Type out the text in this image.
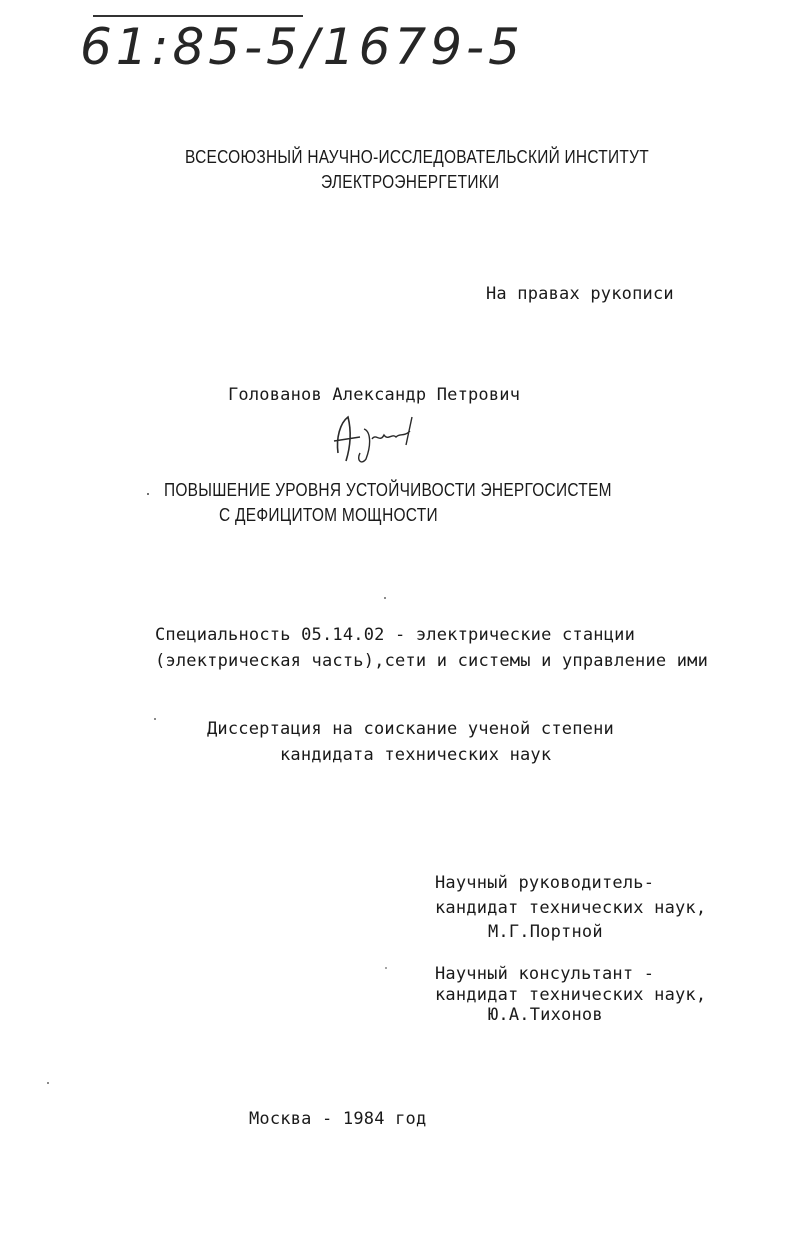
61:85-5/1679-5
ВСЕСОЮЗНЫЙ НАУЧНО-ИССЛЕДОВАТЕЛЬСКИЙ ИНСТИТУТ
ЭЛЕКТРОЭНЕРГЕТИКИ
На правах рукописи
Голованов Александр Петрович
ПОВЫШЕНИЕ УРОВНЯ УСТОЙЧИВОСТИ ЭНЕРГОСИСТЕМ
С ДЕФИЦИТОМ МОЩНОСТИ
Специальность 05.14.02 - электрические станции
(электрическая часть),сети и системы и управление ими
Диссертация на соискание ученой степени
кандидата технических наук
Научный руководитель-
кандидат технических наук,
М.Г.Портной
Научный консультант -
кандидат технических наук,
Ю.А.Тихонов
Москва - 1984 год
